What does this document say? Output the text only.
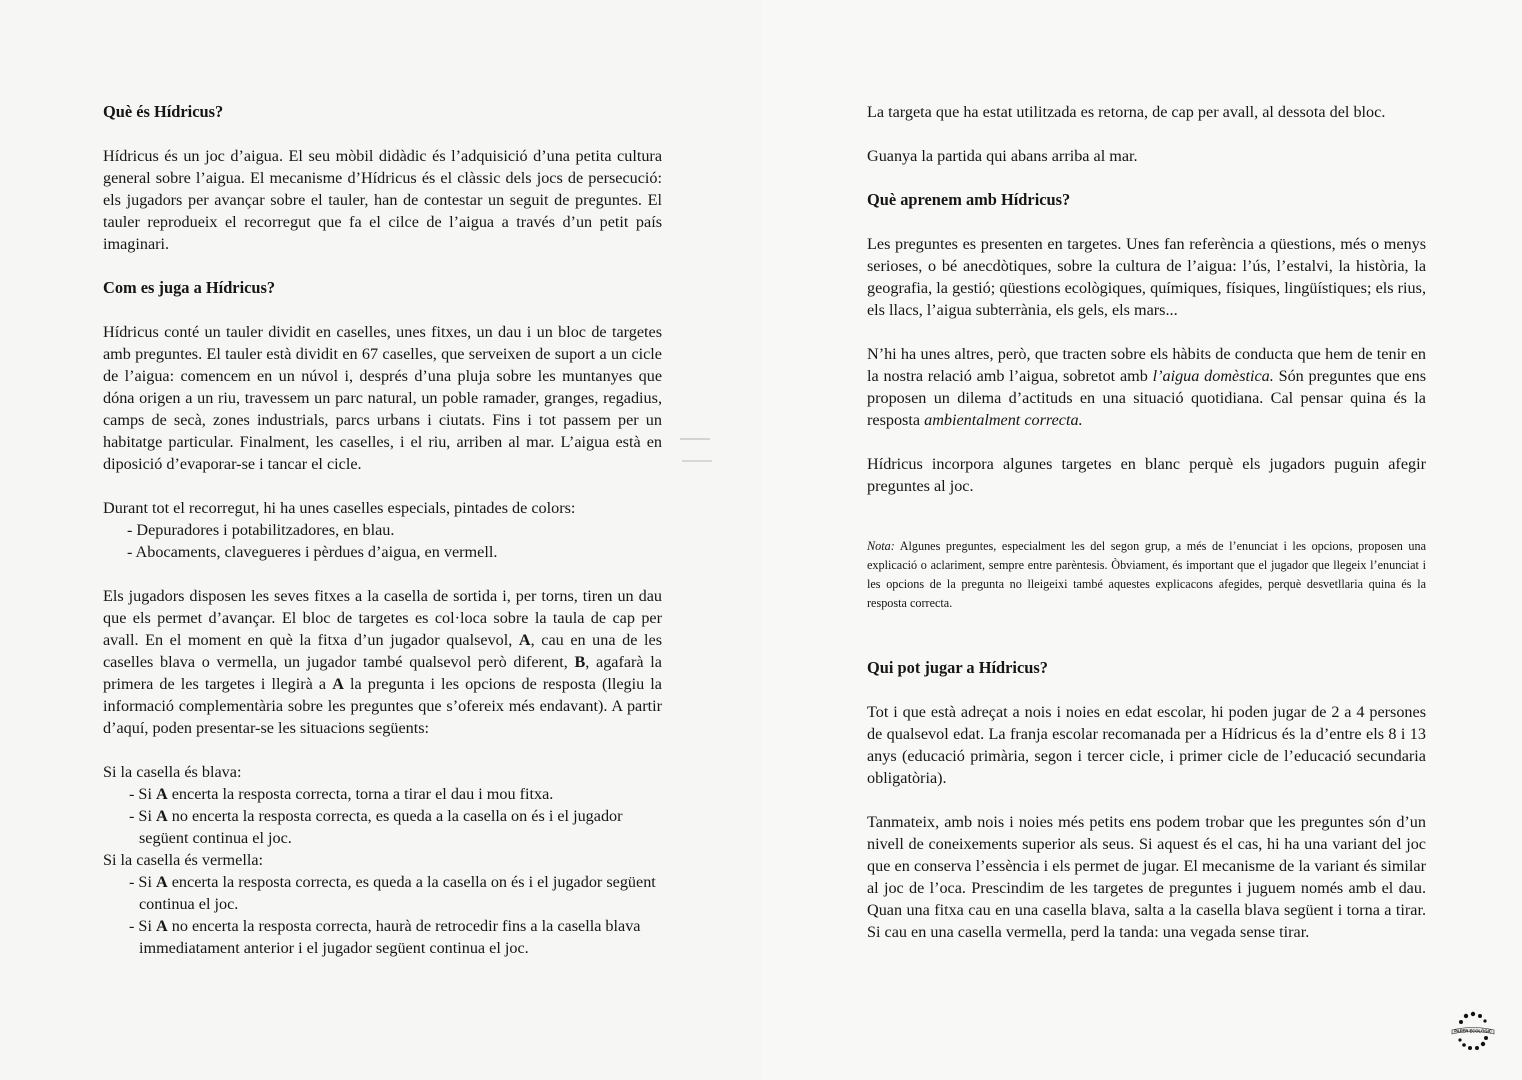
Què és Hídricus?

Hídricus és un joc d’aigua. El seu mòbil didàdic és l’adquisició d’una petita cultura general sobre l’aigua. El mecanisme d’Hídricus és el clàssic dels jocs de persecució: els jugadors per avançar sobre el tauler, han de contestar un seguit de preguntes. El tauler reprodueix el recorregut que fa el cilce de l’aigua a través d’un petit país imaginari.

Com es juga a Hídricus?

Hídricus conté un tauler dividit en caselles, unes fitxes, un dau i un bloc de targetes amb preguntes. El tauler està dividit en 67 caselles, que serveixen de suport a un cicle de l’aigua: comencem en un núvol i, després d’una pluja sobre les muntanyes que dóna origen a un riu, travessem un parc natural, un poble ramader, granges, regadius, camps de secà, zones industrials, parcs urbans i ciutats. Fins i tot passem per un habitatge particular. Finalment, les caselles, i el riu, arriben al mar. L’aigua està en diposició d’evaporar-se i tancar el cicle.

Durant tot el recorregut, hi ha unes caselles especials, pintades de colors:

- Depuradores i potabilitzadores, en blau.
- Abocaments, clavegueres i pèrdues d’aigua, en vermell.

Els jugadors disposen les seves fitxes a la casella de sortida i, per torns, tiren un dau que els permet d’avançar. El bloc de targetes es col·loca sobre la taula de cap per avall. En el moment en què la fitxa d’un jugador qualsevol, A, cau en una de les caselles blava o vermella, un jugador també qualsevol però diferent, B, agafarà la primera de les targetes i llegirà a A la pregunta i les opcions de resposta (llegiu la informació complementària sobre les preguntes que s’ofereix més endavant). A partir d’aquí, poden presentar-se les situacions següents:

Si la casella és blava:

- Si A encerta la resposta correcta, torna a tirar el dau i mou fitxa.
- Si A no encerta la resposta correcta, es queda a la casella on és i el jugador següent continua el joc.

Si la casella és vermella:

- Si A encerta la resposta correcta, es queda a la casella on és i el jugador següent continua el joc.
- Si A no encerta la resposta correcta, haurà de retrocedir fins a la casella blava immediatament anterior i el jugador següent continua el joc.

La targeta que ha estat utilitzada es retorna, de cap per avall, al dessota del bloc.

Guanya la partida qui abans arriba al mar.

Què aprenem amb Hídricus?

Les preguntes es presenten en targetes. Unes fan referència a qüestions, més o menys serioses, o bé anecdòtiques, sobre la cultura de l’aigua: l’ús, l’estalvi, la història, la geografia, la gestió; qüestions ecològiques, químiques, físiques, lingüístiques; els rius, els llacs, l’aigua subterrània, els gels, els mars...

N’hi ha unes altres, però, que tracten sobre els hàbits de conducta que hem de tenir en la nostra relació amb l’aigua, sobretot amb l’aigua domèstica. Són preguntes que ens proposen un dilema d’actituds en una situació quotidiana. Cal pensar quina és la resposta ambientalment correcta.

Hídricus incorpora algunes targetes en blanc perquè els jugadors puguin afegir preguntes al joc.

Nota: Algunes preguntes, especialment les del segon grup, a més de l’enunciat i les opcions, proposen una explicació o aclariment, sempre entre parèntesis. Òbviament, és important que el jugador que llegeix l’enunciat i les opcions de la pregunta no lleigeixi també aquestes explicacons afegides, perquè desvetllaria quina és la resposta correcta.

Qui pot jugar a Hídricus?

Tot i que està adreçat a nois i noies en edat escolar, hi poden jugar de 2 a 4 persones de qualsevol edat. La franja escolar recomanada per a Hídricus és la d’entre els 8 i 13 anys (educació primària, segon i tercer cicle, i primer cicle de l’educació secundaria obligatòria).

Tanmateix, amb nois i noies més petits ens podem trobar que les preguntes són d’un nivell de coneixements superior als seus. Si aquest és el cas, hi ha una variant del joc que en conserva l’essència i els permet de jugar. El mecanisme de la variant és similar al joc de l’oca. Prescindim de les targetes de preguntes i juguem només amb el dau. Quan una fitxa cau en una casella blava, salta a la casella blava següent i torna a tirar. Si cau en una casella vermella, perd la tanda: una vegada sense tirar.

PAPER ECOLÒGIC
